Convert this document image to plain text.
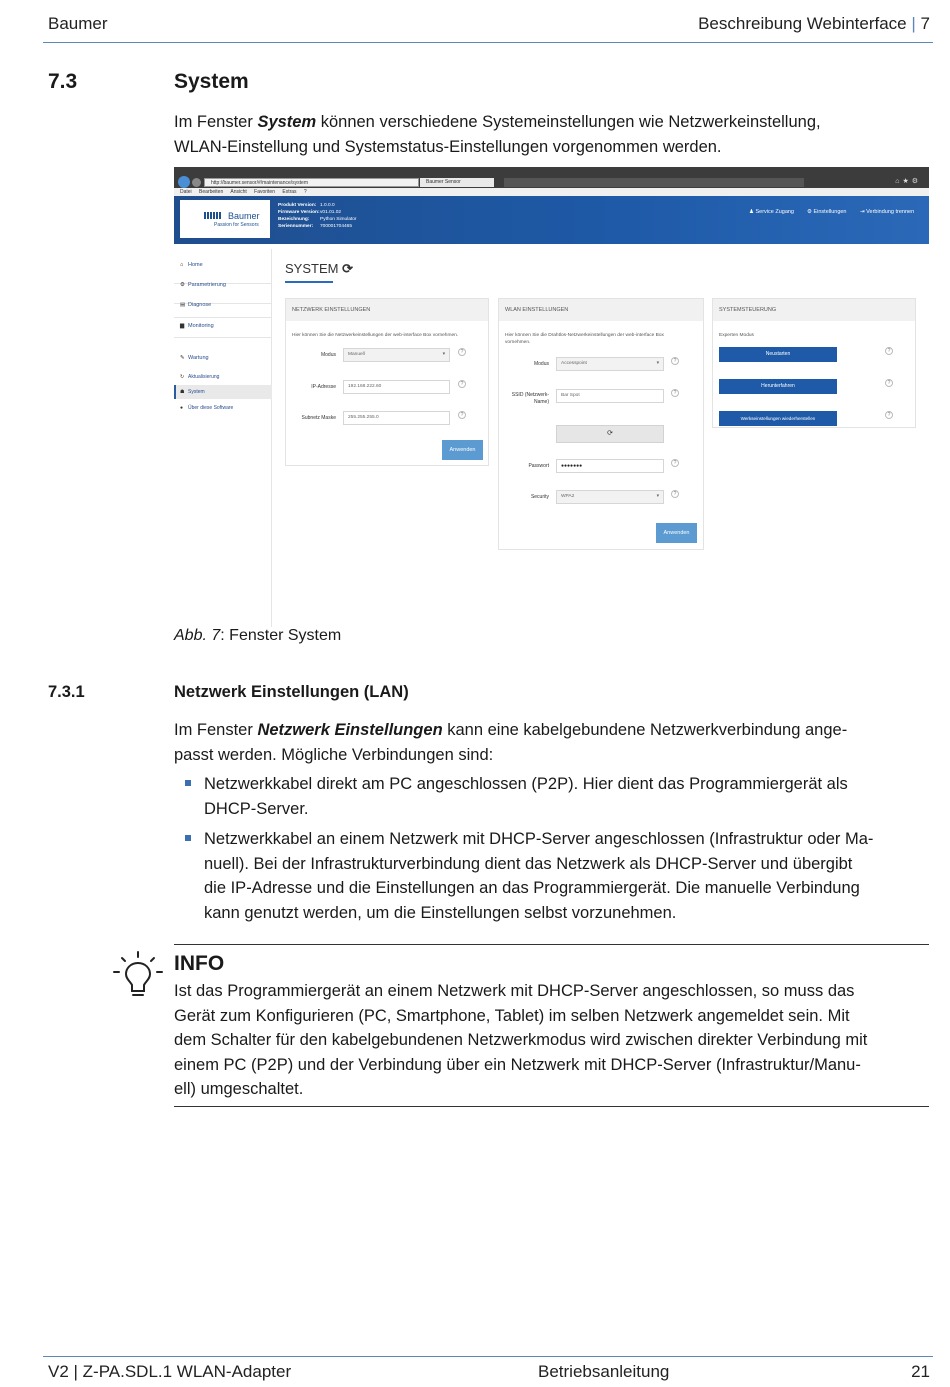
Baumer	Beschreibung Webinterface | 7
7.3	System
Im Fenster System können verschiedene Systemeinstellungen wie Netzwerkeinstellung,
WLAN-Einstellung und Systemstatus-Einstellungen vorgenommen werden.
http://baumer.sensor/#/maintenance/system	Baumer Sensor	⌂★⚙
Datei Bearbeiten Ansicht Favoriten Extras ?
Baumer
Passion for Sensors
Produkt Version: 1.0.0.0
Firmware Version:v01.01.02
Bezeichnung: Python Simulator
Seriennummer: 700001704465
♟ Service Zugang ⚙ Einstellungen ⇥ Verbindung trennen
⌂ Home
⚙ Parametrierung
▤ Diagnose
▆ Monitoring
✎ Wartung
↻ Aktualisierung
☗ System
● Über diese Software
SYSTEM ⟳
NETZWERK EINSTELLUNGEN
Hier können Sie die Netzwerkeinstellungen der web-interface Box vornehmen.
Modus	Manuell	▾	?
IP-Adresse	192.168.222.60	?
Subnetz Maske	255.255.255.0	?
Anwenden
WLAN EINSTELLUNGEN
Hier können Sie die Drahtlos-Netzwerkeinstellungen der web-interface Box
vornehmen.
Modus	Accesspoint	▾	?
SSID (Netzwerk-
Name)
Bar Spot	?
⟳
Passwort	●●●●●●●	?
Security	WPA2	▾	?
Anwenden
SYSTEMSTEUERUNG
Experten Modus
Neustarten	?
Herunterfahren	?
Werkseinstellungen wiederherstellen
?
Abb. 7: Fenster System
7.3.1	Netzwerk Einstellungen (LAN)
Im Fenster Netzwerk Einstellungen kann eine kabelgebundene Netzwerkverbindung ange-
passt werden. Mögliche Verbindungen sind:
Netzwerkkabel direkt am PC angeschlossen (P2P). Hier dient das Programmiergerät als
DHCP-Server.
Netzwerkkabel an einem Netzwerk mit DHCP-Server angeschlossen (Infrastruktur oder Ma-
nuell). Bei der Infrastrukturverbindung dient das Netzwerk als DHCP-Server und übergibt
die IP-Adresse und die Einstellungen an das Programmiergerät. Die manuelle Verbindung
kann genutzt werden, um die Einstellungen selbst vorzunehmen.
INFO
Ist das Programmiergerät an einem Netzwerk mit DHCP-Server angeschlossen, so muss das
Gerät zum Konfigurieren (PC, Smartphone, Tablet) im selben Netzwerk angemeldet sein. Mit
dem Schalter für den kabelgebundenen Netzwerkmodus wird zwischen direkter Verbindung mit
einem PC (P2P) und der Verbindung über ein Netzwerk mit DHCP-Server (Infrastruktur/Manu-
ell) umgeschaltet.
V2 | Z-PA.SDL.1 WLAN-Adapter	Betriebsanleitung	21
